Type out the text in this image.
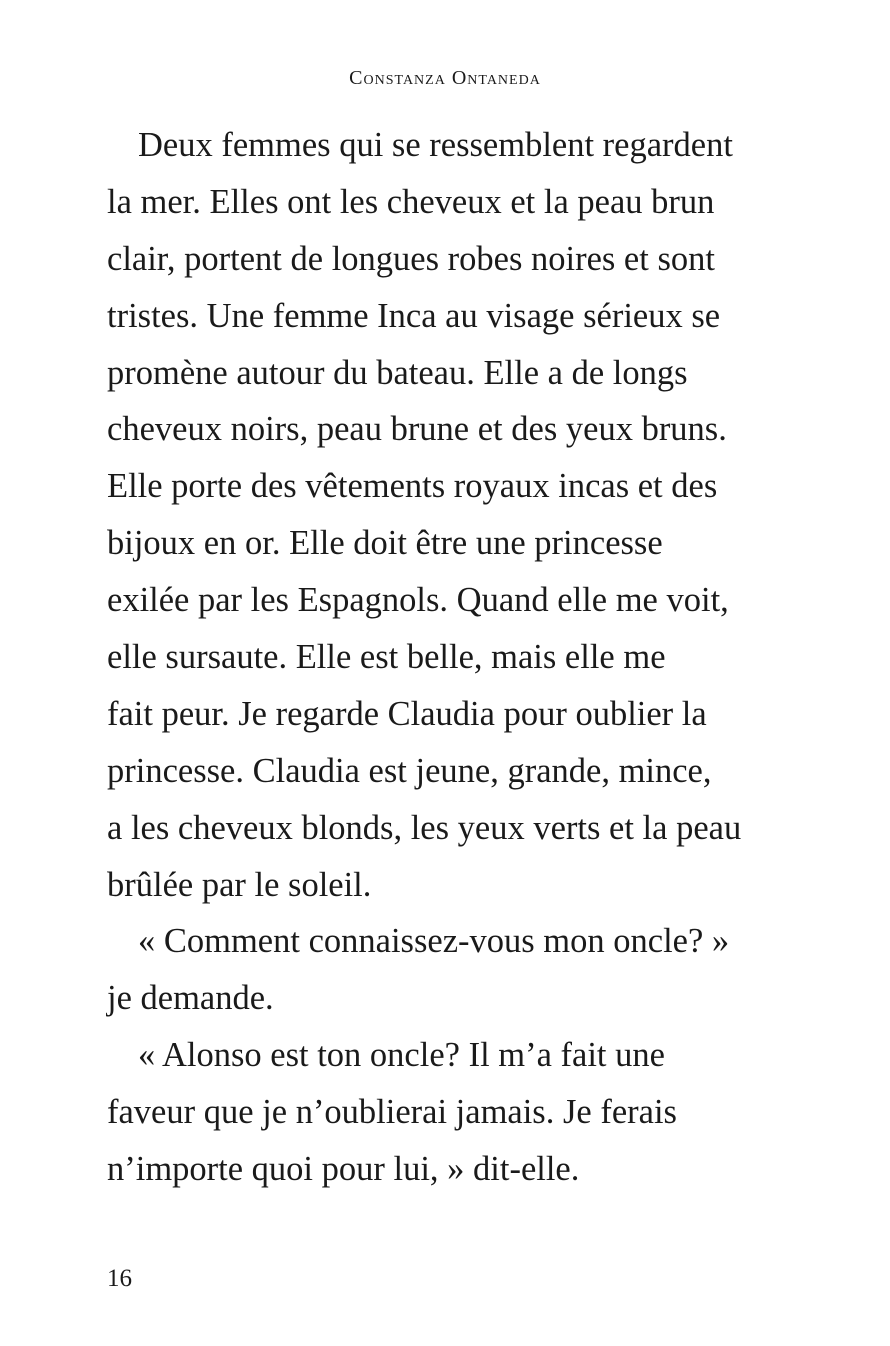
Constanza Ontaneda
Deux femmes qui se ressemblent regardent
la mer. Elles ont les cheveux et la peau brun
clair, portent de longues robes noires et sont
tristes. Une femme Inca au visage sérieux se
promène autour du bateau. Elle a de longs
cheveux noirs, peau brune et des yeux bruns.
Elle porte des vêtements royaux incas et des
bijoux en or. Elle doit être une princesse
exilée par les Espagnols. Quand elle me voit,
elle sursaute. Elle est belle, mais elle me
fait peur. Je regarde Claudia pour oublier la
princesse. Claudia est jeune, grande, mince,
a les cheveux blonds, les yeux verts et la peau
brûlée par le soleil.
« Comment connaissez-vous mon oncle? »
je demande.
« Alonso est ton oncle? Il m’a fait une
faveur que je n’oublierai jamais. Je ferais
n’importe quoi pour lui, » dit-elle.
16
